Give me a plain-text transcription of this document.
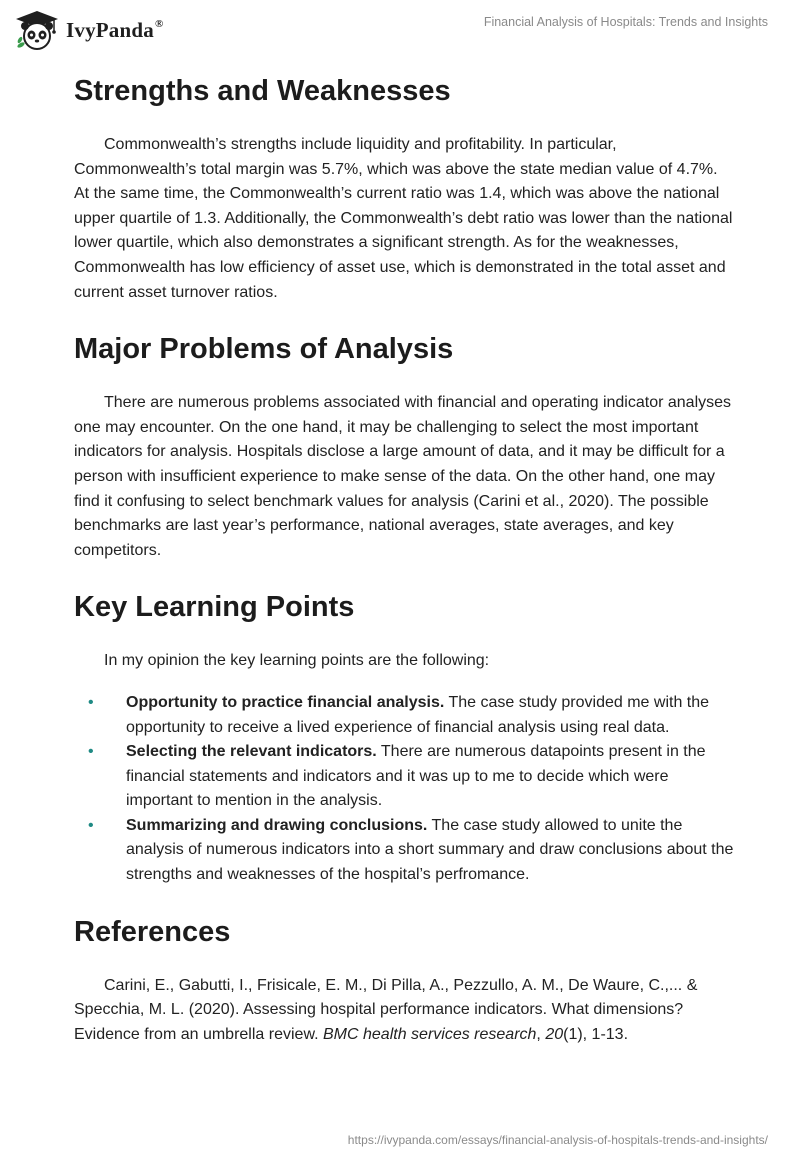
IvyPanda®	Financial Analysis of Hospitals: Trends and Insights
Strengths and Weaknesses

Commonwealth’s strengths include liquidity and profitability. In particular, Commonwealth’s total margin was 5.7%, which was above the state median value of 4.7%. At the same time, the Commonwealth’s current ratio was 1.4, which was above the national upper quartile of 1.3. Additionally, the Commonwealth’s debt ratio was lower than the national lower quartile, which also demonstrates a significant strength. As for the weaknesses, Commonwealth has low efficiency of asset use, which is demonstrated in the total asset and current asset turnover ratios.

Major Problems of Analysis

There are numerous problems associated with financial and operating indicator analyses one may encounter. On the one hand, it may be challenging to select the most important indicators for analysis. Hospitals disclose a large amount of data, and it may be difficult for a person with insufficient experience to make sense of the data. On the other hand, one may find it confusing to select benchmark values for analysis (Carini et al., 2020). The possible benchmarks are last year’s performance, national averages, state averages, and key competitors.

Key Learning Points

In my opinion the key learning points are the following:

• Opportunity to practice financial analysis. The case study provided me with the opportunity to receive a lived experience of financial analysis using real data.
• Selecting the relevant indicators. There are numerous datapoints present in the financial statements and indicators and it was up to me to decide which were important to mention in the analysis.
• Summarizing and drawing conclusions. The case study allowed to unite the analysis of numerous indicators into a short summary and draw conclusions about the strengths and weaknesses of the hospital’s perfromance.
References

Carini, E., Gabutti, I., Frisicale, E. M., Di Pilla, A., Pezzullo, A. M., De Waure, C.,... & Specchia, M. L. (2020). Assessing hospital performance indicators. What dimensions? Evidence from an umbrella review. BMC health services research, 20(1), 1-13.

https://ivypanda.com/essays/financial-analysis-of-hospitals-trends-and-insights/
